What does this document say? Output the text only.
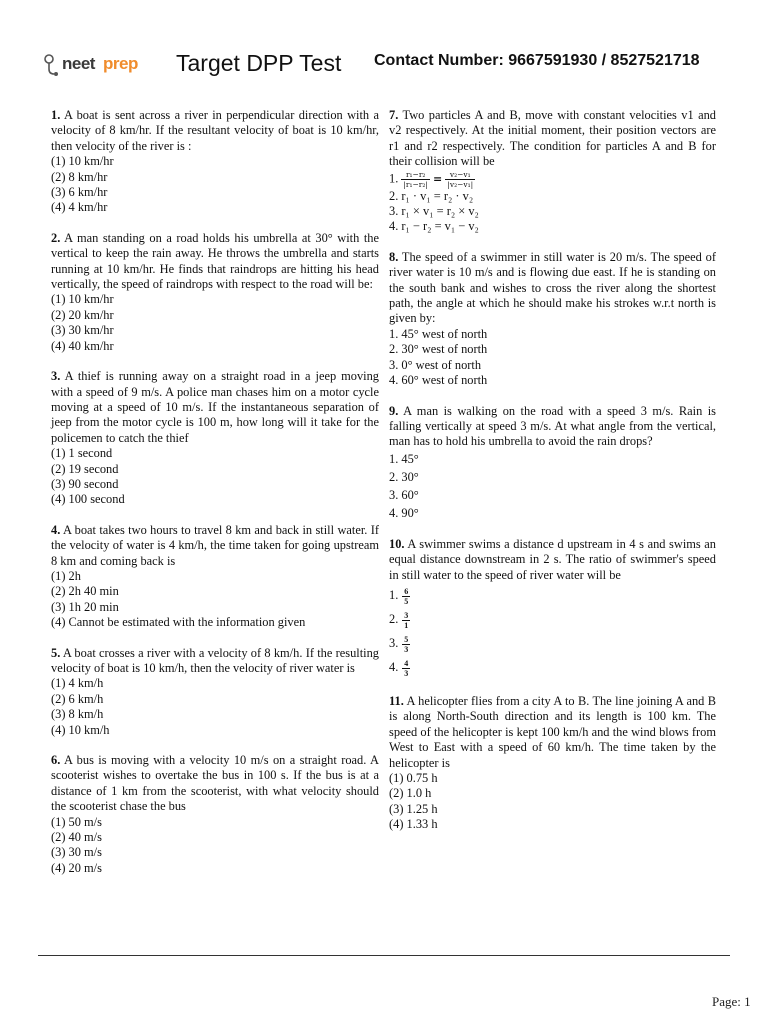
neet prep Target DPP Test Contact Number: 9667591930 / 8527521718
1. A boat is sent across a river in perpendicular direction with a velocity of 8 km/hr. If the resultant velocity of boat is 10 km/hr, then velocity of the river is :
(1) 10 km/hr
(2) 8 km/hr
(3) 6 km/hr
(4) 4 km/hr
2. A man standing on a road holds his umbrella at 30° with the vertical to keep the rain away. He throws the umbrella and starts running at 10 km/hr. He finds that raindrops are hitting his head vertically, the speed of raindrops with respect to the road will be:
(1) 10 km/hr
(2) 20 km/hr
(3) 30 km/hr
(4) 40 km/hr
3. A thief is running away on a straight road in a jeep moving with a speed of 9 m/s. A police man chases him on a motor cycle moving at a speed of 10 m/s. If the instantaneous separation of jeep from the motor cycle is 100 m, how long will it take for the policemen to catch the thief
(1) 1 second
(2) 19 second
(3) 90 second
(4) 100 second
4. A boat takes two hours to travel 8 km and back in still water. If the velocity of water is 4 km/h, the time taken for going upstream 8 km and coming back is
(1) 2h
(2) 2h 40 min
(3) 1h 20 min
(4) Cannot be estimated with the information given
5. A boat crosses a river with a velocity of 8 km/h. If the resulting velocity of boat is 10 km/h, then the velocity of river water is
(1) 4 km/h
(2) 6 km/h
(3) 8 km/h
(4) 10 km/h
6. A bus is moving with a velocity 10 m/s on a straight road. A scooterist wishes to overtake the bus in 100 s. If the bus is at a distance of 1 km from the scooterist, with what velocity should the scooterist chase the bus
(1) 50 m/s
(2) 40 m/s
(3) 30 m/s
(4) 20 m/s
7. Two particles A and B, move with constant velocities v1 and v2 respectively. At the initial moment, their position vectors are r1 and r2 respectively. The condition for particles A and B for their collision will be
1. $\frac{\text{r₁−r₂}}{\text{|r₁−r₂|}} = \frac{\text{v₂−v₁}}{\text{|v₂−v₁|}}$
2. r₁ · v₁ = r₂ · v₂
3. r₁ × v₁ = r₂ × v₂
4. r₁ − r₂ = v₁ − v₂
8. The speed of a swimmer in still water is 20 m/s. The speed of river water is 10 m/s and is flowing due east. If he is standing on the south bank and wishes to cross the river along the shortest path, the angle at which he should make his strokes w.r.t north is given by:
1. 45° west of north
2. 30° west of north
3. 0° west of north
4. 60° west of north
9. A man is walking on the road with a speed 3 m/s. Rain is falling vertically at speed 3 m/s. At what angle from the vertical, man has to hold his umbrella to avoid the rain drops?
1. 45°
2. 30°
3. 60°
4. 90°
10. A swimmer swims a distance d upstream in 4 s and swims an equal distance downstream in 2 s. The ratio of swimmer's speed in still water to the speed of river water will be
1. $\frac{6}{5}$
2. $\frac{3}{1}$
3. $\frac{5}{3}$
4. $\frac{4}{3}$
11. A helicopter flies from a city A to B. The line joining A and B is along North-South direction and its length is 100 km. The speed of the helicopter is kept 100 km/h and the wind blows from West to East with a speed of 60 km/h. The time taken by the helicopter is
(1) 0.75 h
(2) 1.0 h
(3) 1.25 h
(4) 1.33 h
Page: 1
